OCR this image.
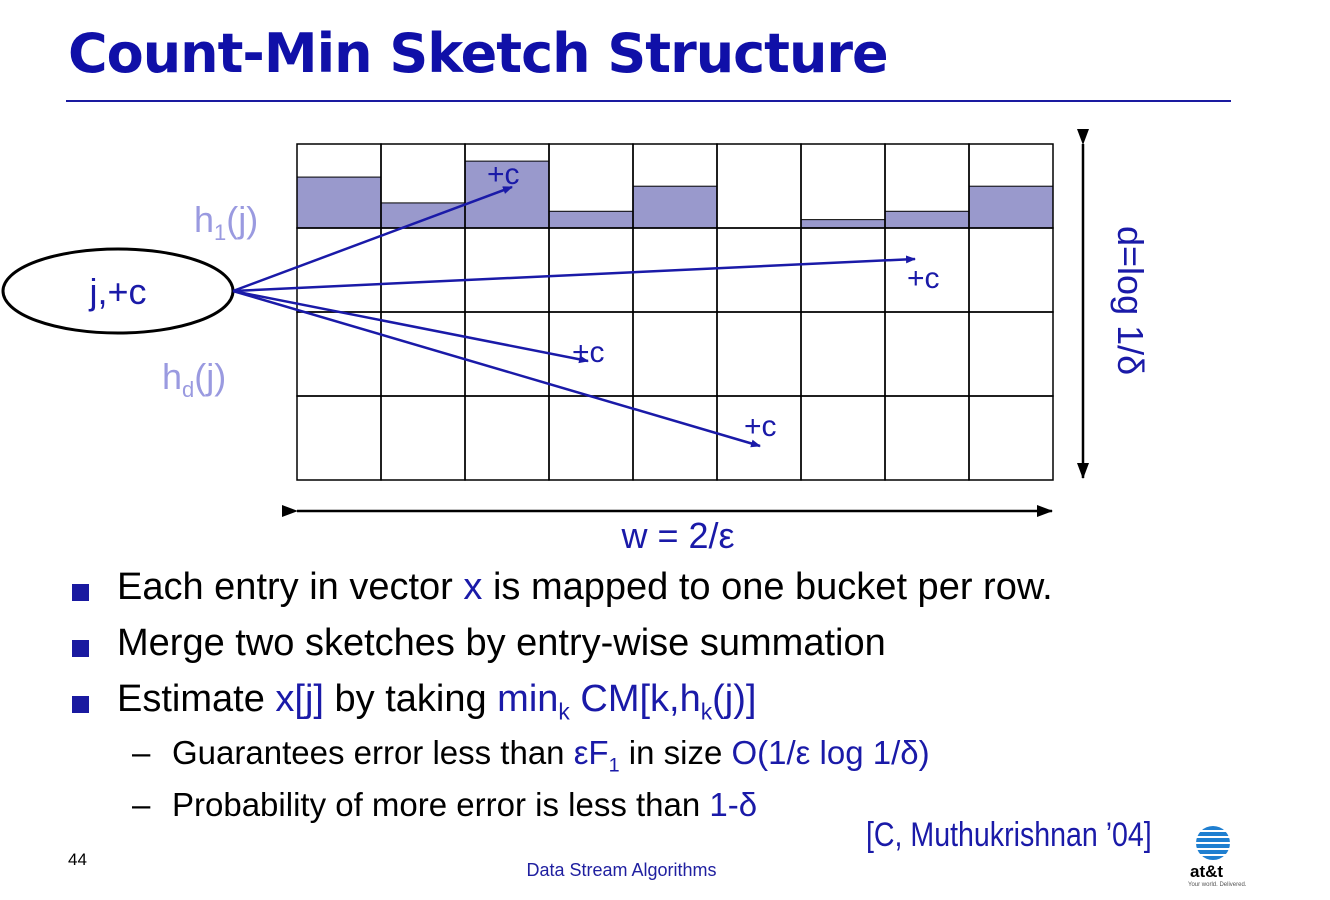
Count-Min Sketch Structure
j,+c
$h_1(j)$
$h_d(j)$
+c
+c
+c
+c
d=log 1/δ
w = 2/ε
Each entry in vector x is mapped to one bucket per row.
Merge two sketches by entry-wise summation
Estimate x[j] by taking $\min_k CM[k,h_k(j)]$
– Guarantees error less than $\varepsilon F_1$ in size O(1/ε log 1/δ)
– Probability of more error is less than 1-δ
[C, Muthukrishnan ’04]
44
Data Stream Algorithms	at&t
Your world. Delivered.
